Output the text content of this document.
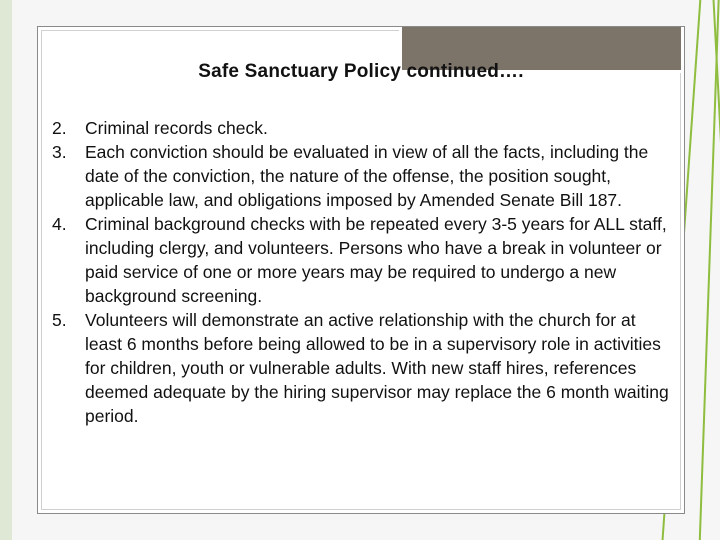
Safe Sanctuary Policy continued….
2.	Criminal records check.
3.	Each conviction should be evaluated in view of all the facts, including the date of the conviction, the nature of the offense, the position sought, applicable law, and obligations imposed by Amended Senate Bill 187.
4.	Criminal background checks with be repeated every 3-5 years for ALL staff, including clergy, and volunteers. Persons who have a break in volunteer or paid service of one or more years may be required to undergo a new background screening.
5.	Volunteers will demonstrate an active relationship with the church for at least 6 months before being allowed to be in a supervisory role in activities for children, youth or vulnerable adults. With new staff hires, references deemed adequate by the hiring supervisor may replace the 6 month waiting period.
